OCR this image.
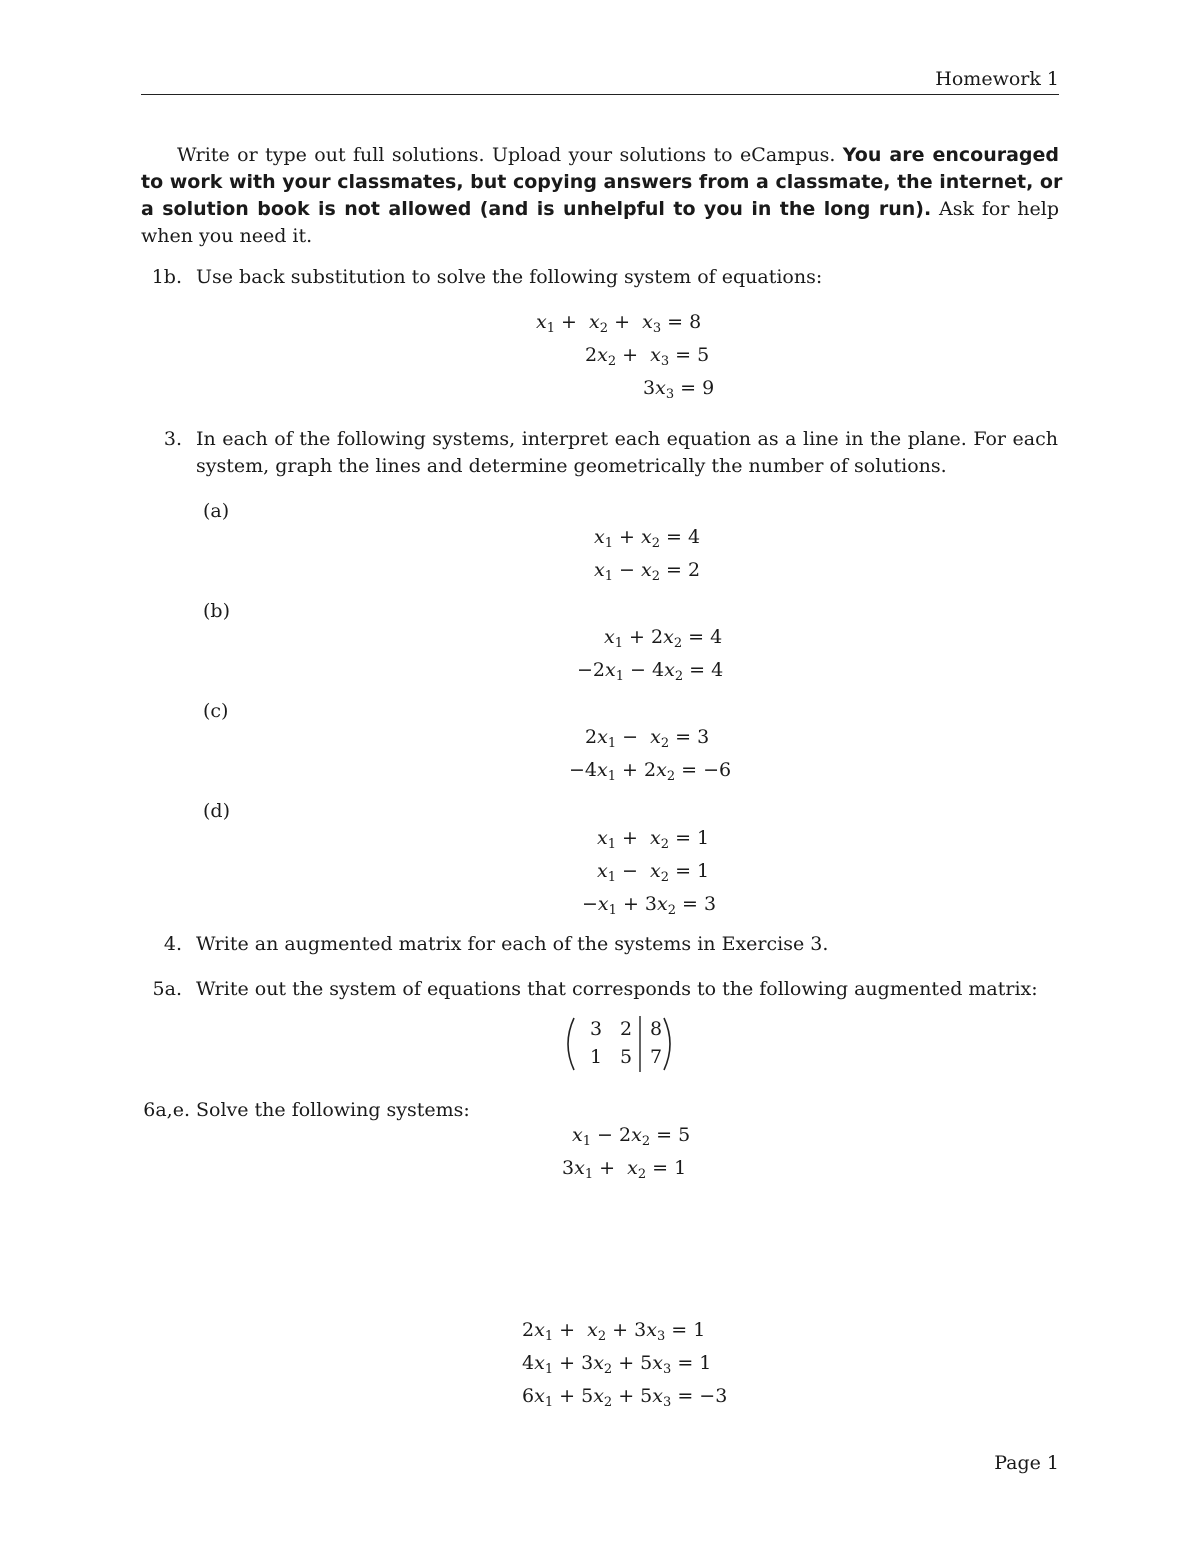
Homework 1
Write or type out full solutions. Upload your solutions to eCampus. You are encouraged
to work with your classmates, but copying answers from a classmate, the internet, or
a solution book is not allowed (and is unhelpful to you in the long run). Ask for help
when you need it.
1b. Use back substitution to solve the following system of equations:
$x_1 + x_2 + x_3 = 8$
$2x_2 + x_3 = 5$
$3x_3 = 9$
3. In each of the following systems, interpret each equation as a line in the plane. For each
system, graph the lines and determine geometrically the number of solutions.
(a)
$x_1 + x_2 = 4$
$x_1 - x_2 = 2$
(b)
$x_1 + 2x_2 = 4$
$-2x_1 - 4x_2 = 4$
(c)
$2x_1 - x_2 = 3$
$-4x_1 + 2x_2 = -6$
(d)
$x_1 + x_2 = 1$
$x_1 - x_2 = 1$
$-x_1 + 3x_2 = 3$
4. Write an augmented matrix for each of the systems in Exercise 3.
5a. Write out the system of equations that corresponds to the following augmented matrix:
3 2 8
1 5 7
6a,e. Solve the following systems:
$x_1 - 2x_2 = 5$
$3x_1 + x_2 = 1$
$2x_1 + x_2 + 3x_3 = 1$
$4x_1 + 3x_2 + 5x_3 = 1$
$6x_1 + 5x_2 + 5x_3 = -3$
Page 1
